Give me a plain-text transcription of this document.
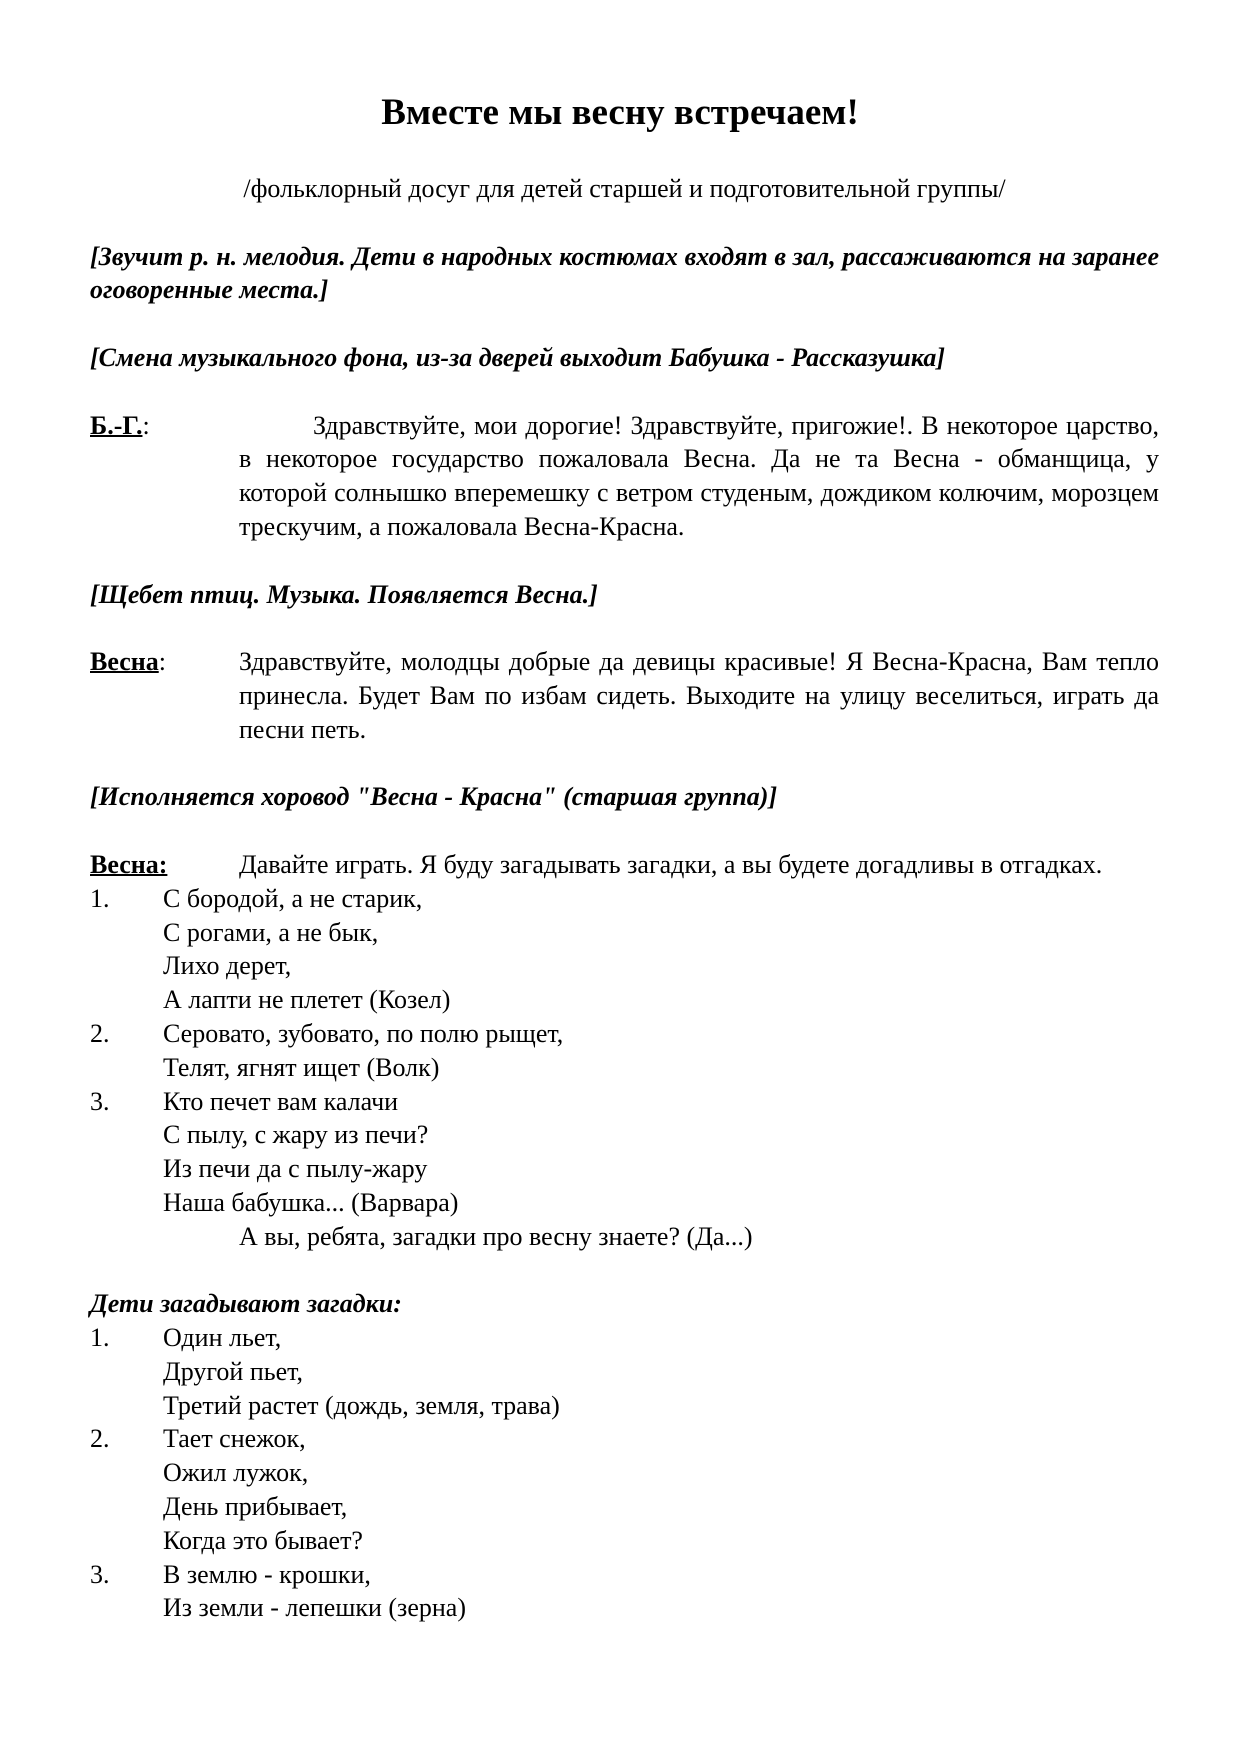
Вместе мы весну встречаем!
/фольклорный досуг для детей старшей и подготовительной группы/
[Звучит р. н. мелодия. Дети в народных костюмах входят в зал, рассаживаются на заранее оговоренные места.]
[Смена музыкального фона, из-за дверей выходит Бабушка - Рассказушка]
Б.-Г.:	Здравствуйте, мои дорогие! Здравствуйте, пригожие!. В некоторое царство, в некоторое государство пожаловала Весна. Да не та Весна - обманщица, у которой солнышко вперемешку с ветром студеным, дождиком колючим, морозцем трескучим, а пожаловала Весна-Красна.
[Щебет птиц. Музыка. Появляется Весна.]
Весна:	Здравствуйте, молодцы добрые да девицы красивые! Я Весна-Красна, Вам тепло принесла. Будет Вам по избам сидеть. Выходите на улицу веселиться, играть да песни петь.
[Исполняется хоровод "Весна - Красна" (старшая группа)]
Весна:	Давайте играть. Я буду загадывать загадки, а вы будете догадливы в отгадках.
1.	С бородой, а не старик,
С рогами, а не бык,
Лихо дерет,
А лапти не плетет (Козел)
2.	Серовато, зубовато, по полю рыщет,
Телят, ягнят ищет (Волк)
3.	Кто печет вам калачи
С пылу, с жару из печи?
Из печи да с пылу-жару
Наша бабушка... (Варвара)
А вы, ребята, загадки про весну знаете? (Да...)
Дети загадывают загадки:
1.	Один льет,
Другой пьет,
Третий растет (дождь, земля, трава)
2.	Тает снежок,
Ожил лужок,
День прибывает,
Когда это бывает?
3.	В землю - крошки,
Из земли - лепешки (зерна)
